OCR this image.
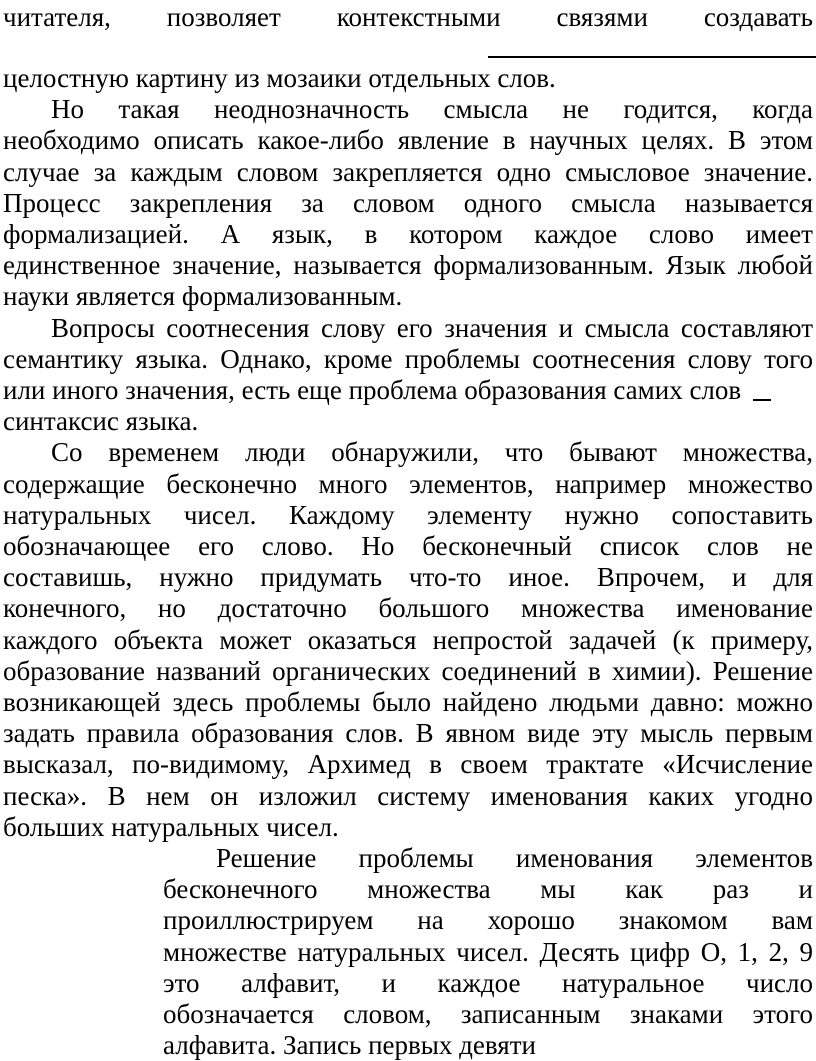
читателя, позволяет контекстными связями создавать
целостную картину из мозаики отдельных слов.
Но такая неоднозначность смысла не годится, когда
необходимо описать какое-либо явление в научных целях. В этом
случае за каждым словом закрепляется одно смысловое значение.
Процесс закрепления за словом одного смысла называется
формализацией. А язык, в котором каждое слово имеет
единственное значение, называется формализованным. Язык любой
науки является формализованным.
Вопросы соотнесения слову его значения и смысла составляют
семантику языка. Однако, кроме проблемы соотнесения слову того
или иного значения, есть еще проблема образования самих слов
синтаксис языка.
Со временем люди обнаружили, что бывают множества,
содержащие бесконечно много элементов, например множество
натуральных чисел. Каждому элементу нужно сопоставить
обозначающее его слово. Но бесконечный список слов не
составишь, нужно придумать что-то иное. Впрочем, и для
конечного, но достаточно большого множества именование
каждого объекта может оказаться непростой задачей (к примеру,
образование названий органических соединений в химии). Решение
возникающей здесь проблемы было найдено людьми давно: можно
задать правила образования слов. В явном виде эту мысль первым
высказал, по-видимому, Архимед в своем трактате «Исчисление
песка». В нем он изложил систему именования каких угодно
больших натуральных чисел.
Решение проблемы именования элементов
бесконечного множества мы как раз и
проиллюстрируем на хорошо знакомом вам
множестве натуральных чисел. Десять цифр О, 1, 2, 9
это алфавит, и каждое натуральное число
обозначается словом, записанным знаками этого
алфавита. Запись первых девяти
